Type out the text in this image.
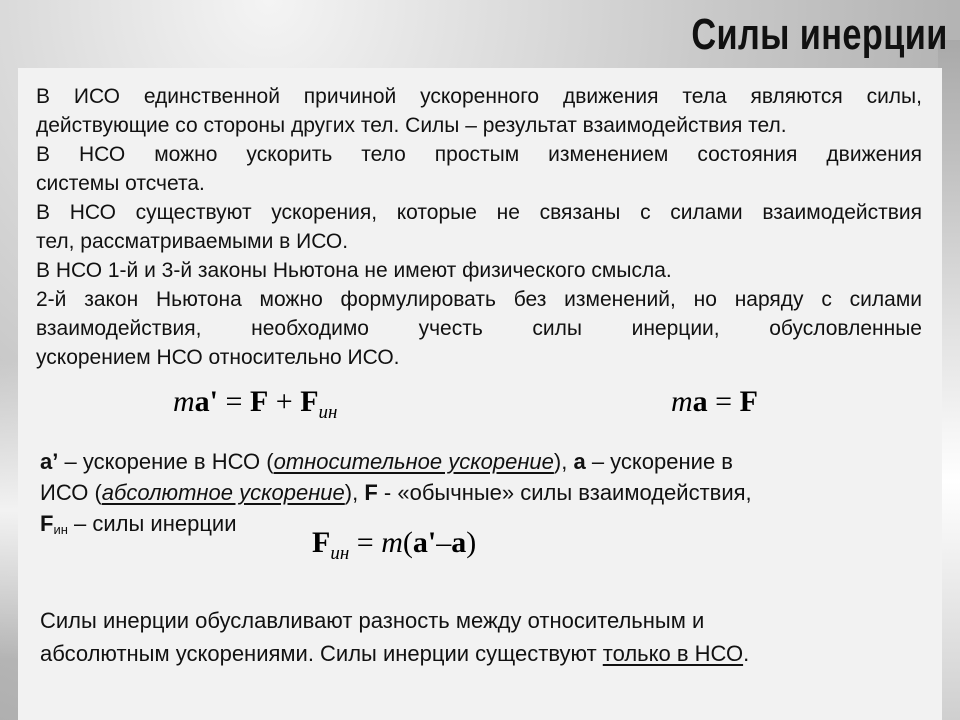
Силы инерции

В ИСО единственной причиной ускоренного движения тела являются силы,

действующие со стороны других тел. Силы – результат взаимодействия тел.

В НСО можно ускорить тело простым изменением состояния движения

системы отсчета.

В НСО существуют ускорения, которые не связаны с силами взаимодействия

тел, рассматриваемыми в ИСО.

В НСО 1-й и 3-й законы Ньютона не имеют физического смысла.

2-й закон Ньютона можно формулировать без изменений, но наряду с силами

взаимодействия, необходимо учесть силы инерции, обусловленные

ускорением НСО относительно ИСО.

$ma' = F + F_{ин}$	ma = F
a’ – ускорение в НСО (относительное ускорение), a – ускорение в
ИСО (абсолютное ускорение), F - «обычные» силы взаимодействия,
$F_{ин}$ – силы инерции
$F_{ин} = m(a'-a)$
Силы инерции обуславливают разность между относительным и
абсолютным ускорениями. Силы инерции существуют только в НСО.
